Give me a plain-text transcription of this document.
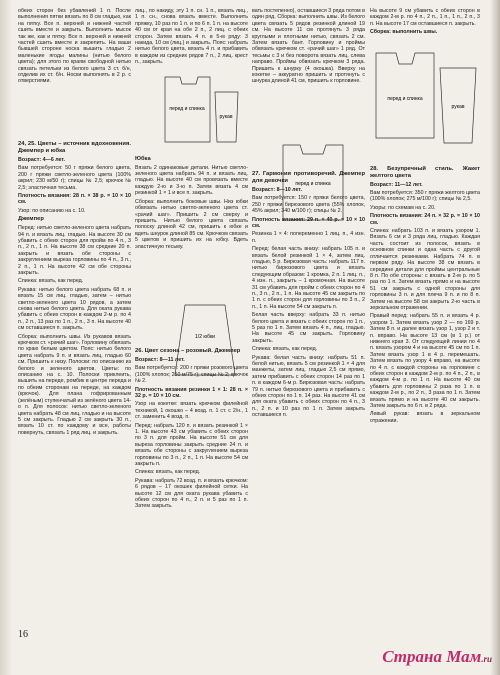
обеих сторон без убавлений 1 п. После выполнения пятки вязать по 8 см гладью, как на пятку. Все п. верхней и нижней частей сшить вместе и закрыть. Выполнить мысок так же, как и пятку. Все п. верхней и нижней частей сшить вместе и закрепить. На ваши бывшей стороне носка вышить гладью 2 маленькие ягоды малины (нитью белого цвета); для этого по краям свободной нитью связать петельки из белого цвета 3 ст. б/н, отделив их ст. б/н. Носки выполнять в 2 р. с отверстиями.

24, 25. Цветы – источник вдохновения. Джемпер и юбка

Возраст: 4—6 лет.

Вам потребуется: 50 г пряжи белого цвета, 200 г пряжи светло-зеленого цвета (100% акрил; 230 м/50 г); спицы № 2,5; крючок № 2,5; эластичная тесьма.

Плотность вязания: 28 п. × 38 р. = 10 × 10 см.

Узор: по описанию на с. 10.

Джемпер

Перед: нитью светло-зеленого цвета набрать 94 п. и вязать лиц. гладью. На высоте 30 см убавить с обеих сторон для пройм по 4 п., 3 п., 2 п., 1 п. На высоте 38 см средние 20 п. закрыть и вязать обе стороны с закруглением выреза горловины по 4 п., 3 п., 2 п., 1 п. На высоте 42 см обе стороны закрыть.

Спинка: вязать, как перед.

Рукава: нитью белого цвета набрать 68 п. и вязать 15 см лиц. гладью, затем – нитью светло-зеленого цвета 10 рядов, а затем снова нитью белого цвета. Для оката рукава убавить с обеих сторон в каждом 2-м р. по 4 п., 2 п., 13 раз по 1 п., 2 п., 3 п. На высоте 40 см оставшиеся п. закрыть.

Сборка: выполнить швы. Из рукавов вязать крючком ст. «рачий шаг». Горловину обвязать по краю белым цветом. Пояс: нитью белого цвета набрать 9 п. и вязать лиц. гладью 60 см. Пришить к низу. Полоски: по описанию из белого и зеленого цветов. Цветы: по описанию на с. 10. Полоски приклеить, вышить на переде, ромбик в центре переда и по обеим сторонам на переде, на каждом (крючок). Для плана гофрированным (зелёным) ступенчатый из зелёного цвета 14-о п. Для полосок: нитью светло-зеленого цвета набрать 48 см лиц. гладью и на высоте 5 см закрыть. Гладью 2 см закрыть 30 п., вязать 10 ст. по каждому и все, работы повернуть, связать 1 ряд лиц. и закрыть.

лиц., по накиду, эту 1 п. сн. 1 п., вязать лиц., 1 п. сн., снова вязать вместе. Выполнить пряжку, 10 раз по 1 п. и по 6 п. 1 п. на высоте 40 см от края на обе 2 п., 2 лиц. с обеих сторон. Затем вязать 4 п. в 5-м ряду: 3 накида, 10 см (лиц.) и закрыть. Пояс: набрать нитью белого цвета, вязать 4 п. и прибавить в каждом из средних рядов 7 п., 2 лиц. крест п., закрыть.

Юбка

Вязать 2 одинаковые детали. Нитью светло-зеленого цвета набрать 94 п. и вязать лиц. гладью. На высоте 40 см провязать вместе каждую 2-ю и 3-ю п. Затем вязать 4 см резинкой 1 × 1 и все п. закрыть.

Сборка: выполнить боковые швы. Низ юбки обвязать нитью светло-зеленого цвета ст. «рачий шаг». Пришить 2 см сверху и пришить. Нитью белого цвета связать полоску длиной 42 см, пришить к юбке и вдеть шнурок длиной 85 см. Крючком связать 5 цветов и пришить их на юбку. Вдеть эластичную тесьму.

26. Цвет сезона – розовый. Джемпер

Возраст: 8—11 лет.

Вам потребуется: 200 г пряжи розового цвета (100% хлопок; 250 м/75 г); спицы № 2; крючок № 2.

Плотность вязания резинки 1 × 1: 28 п. × 32 р. = 10 × 10 см.

Узор на кокетке: вязать крючком филейной техникой, 1 окошко – 4 возд. п. 1 ст. с 2/н., 1 ст. заменить 4 возд. п.

Перед: набрать 120 п. и вязать резинкой 1 × 1. На высоте 43 см убавить с обеих сторон по 3 п. для пройм. На высоте 51 см для выреза горловины закрыть средние 24 п. и вязать обе стороны с закруглением выреза горловины по 3 п., 2 п., 1 п. На высоте 54 см закрыть п.

Спинка: вязать, как перед.

Рукава: набрать 72 возд. п. и вязать крючком: 6 рядов – 17 окошек филейной сетки. На высоте 12 см для оката рукава убавить с обеих сторон по 4 п., 2 п. и 5 раз по 1 п. Затем закрыть.

вать постепенно), оставшиеся 3 ряда потом в один ряд. Сборка: выполнить швы. Из белого цвета связать 5 рядов резинкой длиной 19 см. На высоте 11 см протянуть 3 ряда круглыми и плотными нитью, связать 2 см. Затем вязать бант. Горловину и проймы обвязать крючком ст. «рачий шаг» 1 ряд. От тесьмы с 3 и без поворота вязать лиц. слева направо. Проймы обвязать крючком 3 ряда. Пришить к шнурку (4 окошка). Вверху на кокетке – аккуратно пришить и протянуть с шнурка длиной 41 см, пришить к горловине.

27. Гармония противоречий. Джемпер для девочки

Возраст: 8—10 лет.

Вам потребуется: 150 г пряжи белого цвета, 250 г пряжи бирюзового цвета (55% хлопок, 45% акрил; 340 м/100 г); спицы № 2.

Плотность вязания: 29 п. × 40 р. = 10 × 10 см.

Резинка 1 × 4: попеременно 1 лиц. п., 4 изн. п.

Перед: белая часть внизу: набрать 105 п. и вязать белой резинкой 1 × 4, затем лиц. гладью, 5 р. Бирюзовая часть: набрать 117 п. нитью бирюзового цвета и вязать следующим образом: 1 кромка, 2 п. 1 лиц. п., 4 изн. п., закрыть – 1 кромочная. На высоте 31 см убавить для пройм с обеих сторон по 4 п., 3 п., 2 п., 1 п. На высоте 45 см закрыть по 1 п. с обеих сторон для горловины по 3 п., 2 п., 1 п. На высоте 54 см закрыть п.

Белая часть вверху: набрать 33 п. нитью белого цвета и вязать с обеих сторон по 1 п., 5 раз по 1 п. Затем вязать 4 п., лиц. гладью. На высоте 45 см закрыть. Горловину закрыть.

Спинка: вязать, как перед.

Рукава: белая часть внизу: набрать 51 п. белой нитью, вязать 5 см резинкой 1 × 4 для манжеты, затем лиц. гладью 2,5 см прямо, затем прибавить с обеих сторон 14 раз по 1 п. в каждом 6-м р. Бирюзовая часть: набрать 79 п. нитью бирюзового цвета и прибавить с обеих сторон по 1 п. 14 раз. На высоте 41 см для оката убавить с обеих сторон по 4 п., 3 п., 2 п. и 10 раз по 1 п. Затем закрыть оставшиеся п.

На высоте 9 см убавить с обеих сторон в каждом 2-м р. по 4 п., 2 п., 1 п., 1 п., 2 п., 3 п. На высоте 17 см оставшиеся п. закрыть.

Сборка: выполнить швы.

28. Безупречный стиль. Жакет желтого цвета

Возраст: 11—12 лет.

Вам потребуется: 350 г пряжи желтого цвета (100% хлопок; 275 м/100 г); спицы № 2,5.

Узоры: по схемам на с. 20.

Плотность вязания: 24 п. × 32 р. = 10 × 10 см.

Спинка: набрать 103 п. и вязать узором 1. Вязать 6 см и 3 ряда лиц. гладью. Каждая часть состоит из полосок, вязать в основном спинки и одна часть с другой отличается резинками. Набрать 74 п. в первом ряду. На высоте 38 см вязать в середине детали для проймы центральные 8 п. По обе стороны: с вязать в 2-м р. по 5 раз по 1 п. Затем вязать прямо и на высоте 51 см закрыть с одной стороны для горловины 3 п. и для плеча 9 п. и по 8 п. Затем на высоте 58 см закрыть 2-ю часть в зеркальном отражении.

Правый перед: набрать 55 п. и вязать 4 р. узором 1. Затем вязать узор 2 — по 169 р. Затем 8 п. и далее вязать узор 1, узор 2 и т. п. вправо. На высоте 13 см (в 1 р.) от нижнего края 3. От следующей линии по 4 п. вязать узором 4 и на высоте 45 см по 1 п. Затем вязать узор 1 в 4 р. перемешать. Затем вязать по узору 4 вправо, на высоте по 4 п. с каждой стороны на горловине с обеих сторон в каждом 2-м р. по 4 п., 2 п., в каждом 4-м р. по 1 п. На высоте 40 см убавить для горловины 2 раза по 1 п. в каждом 2-м р., по 2 п., 3 раза по 1 п. Затем вязать прямо и на высоте 40 см закрыть. Затем закрыть по 6 п. в 2 ряда.

Левый рукав: вязать в зеркальном отражении.

перед и спинка
рукав
1/2 юбки
перед и спинка
перед и спинка
рукав
16
Страна Мам.ru
